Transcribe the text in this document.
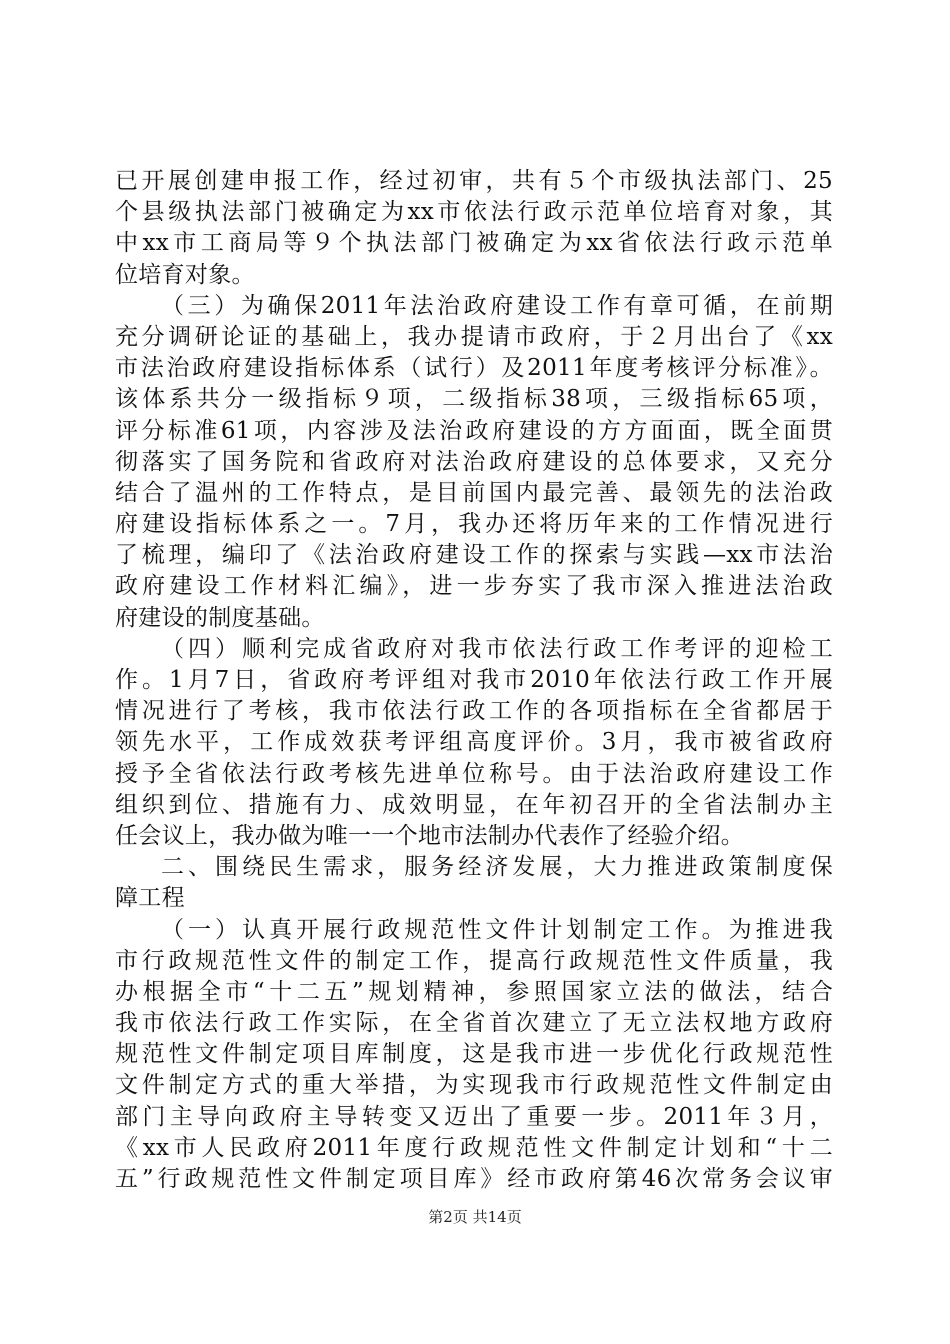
已开展创建申报工作，经过初审，共有５个市级执法部门、25
个县级执法部门被确定为xx市依法行政示范单位培育对象，其
中xx市工商局等９个执法部门被确定为xx省依法行政示范单
位培育对象。
（三）为确保2011年法治政府建设工作有章可循，在前期
充分调研论证的基础上，我办提请市政府，于２月出台了《xx
市法治政府建设指标体系（试行）及2011年度考核评分标准》。
该体系共分一级指标９项，二级指标38项，三级指标65项，
评分标准61项，内容涉及法治政府建设的方方面面，既全面贯
彻落实了国务院和省政府对法治政府建设的总体要求，又充分
结合了温州的工作特点，是目前国内最完善、最领先的法治政
府建设指标体系之一。7月，我办还将历年来的工作情况进行
了梳理，编印了《法治政府建设工作的探索与实践—xx市法治
政府建设工作材料汇编》，进一步夯实了我市深入推进法治政
府建设的制度基础。
（四）顺利完成省政府对我市依法行政工作考评的迎检工
作。1月7日，省政府考评组对我市2010年依法行政工作开展
情况进行了考核，我市依法行政工作的各项指标在全省都居于
领先水平，工作成效获考评组高度评价。3月，我市被省政府
授予全省依法行政考核先进单位称号。由于法治政府建设工作
组织到位、措施有力、成效明显，在年初召开的全省法制办主
任会议上，我办做为唯一一个地市法制办代表作了经验介绍。
二、围绕民生需求，服务经济发展，大力推进政策制度保
障工程
（一）认真开展行政规范性文件计划制定工作。为推进我
市行政规范性文件的制定工作，提高行政规范性文件质量，我
办根据全市“十二五”规划精神，参照国家立法的做法，结合
我市依法行政工作实际，在全省首次建立了无立法权地方政府
规范性文件制定项目库制度，这是我市进一步优化行政规范性
文件制定方式的重大举措，为实现我市行政规范性文件制定由
部门主导向政府主导转变又迈出了重要一步。2011年３月，
《xx市人民政府2011年度行政规范性文件制定计划和“十二
五”行政规范性文件制定项目库》经市政府第46次常务会议审
第2页 共14页
